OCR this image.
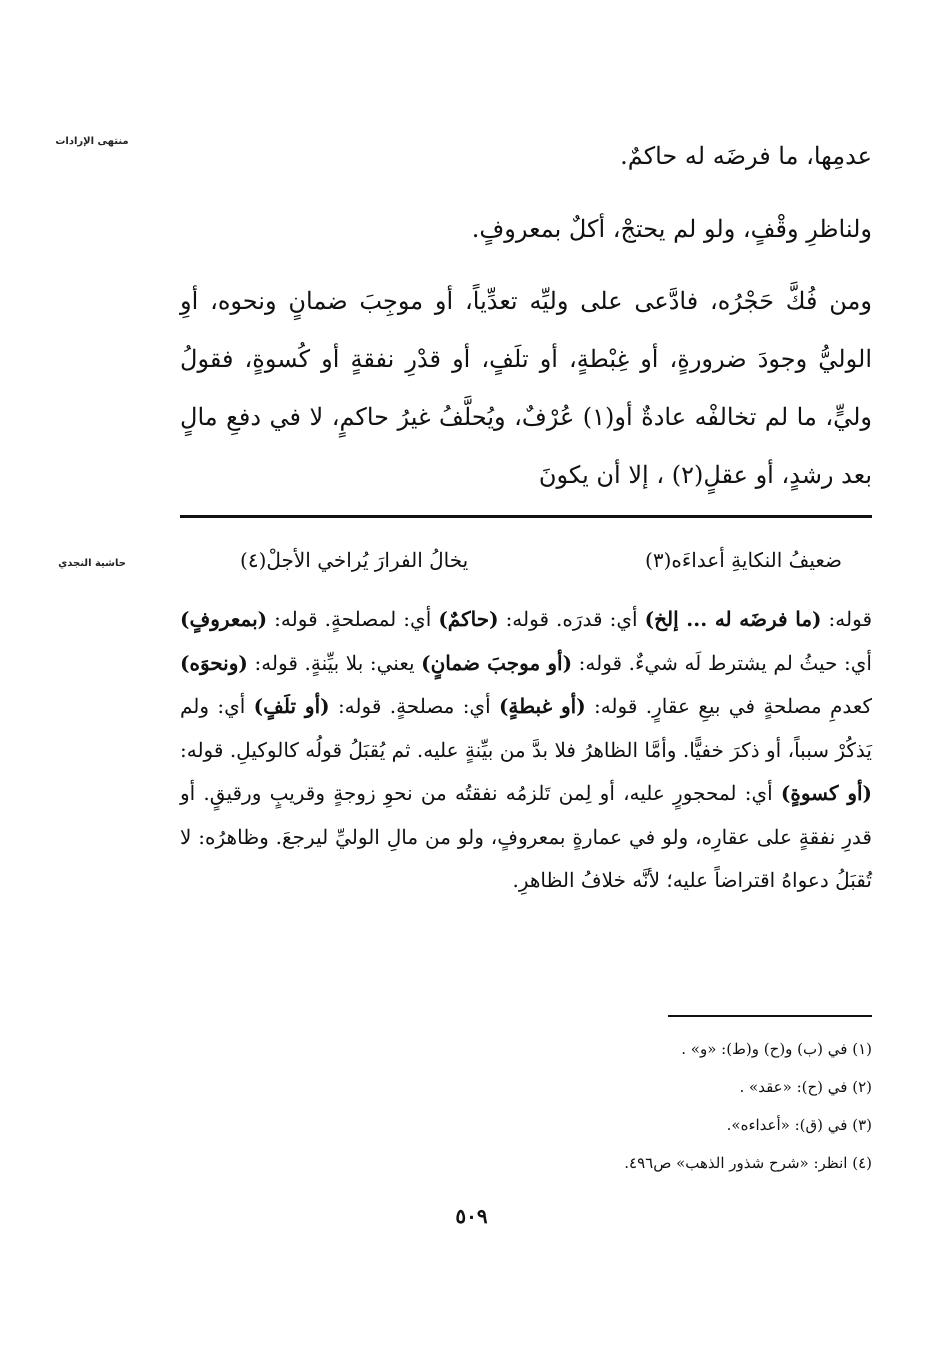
منتهى الإرادات
حاشية النجدي
عدمِها، ما فرضَه له حاكمٌ.
ولناظرِ وقْفٍ، ولو لم يحتجْ، أكلٌ بمعروفٍ.
ومن فُكَّ حَجْرُه، فادَّعى على وليِّه تعدِّياً، أو موجِبَ ضمانٍ ونحوه، أوِ الوليُّ وجودَ ضرورةٍ، أو غِبْطةٍ، أو تلَفٍ، أو قدْرِ نفقةٍ أو كُسوةٍ، فقولُ وليٍّ، ما لم تخالفْه عادةٌ أو(١) عُرْفٌ، ويُحلَّفُ غيرُ حاكمٍ، لا في دفعِ مالٍ بعد رشدٍ، أو عقلٍ(٢) ، إلا أن يكونَ
ضعيفُ النكايةِ أعداءَه(٣)
يخالُ الفرارَ يُراخي الأجلْ(٤)
قوله: (ما فرضَه له ... إلخ) أي: قدرَه. قوله: (حاكمٌ) أي: لمصلحةٍ. قوله: (بمعروفٍ) أي: حيثُ لم يشترط لَه شيءٌ. قوله: (أو موجبَ ضمانٍ) يعني: بلا بيِّنةٍ. قوله: (ونحوَه) كعدمِ مصلحةٍ في بيعِ عقارٍ. قوله: (أو غبطةٍ) أي: مصلحةٍ. قوله: (أو تلَفٍ) أي: ولم يَذكُرْ سبباً، أو ذكرَ خفيًّا. وأمَّا الظاهرُ فلا بدَّ من بيِّنةٍ عليه. ثم يُقبَلُ قولُه كالوكيلِ. قوله: (أو كسوةٍ) أي: لمحجورٍ عليه، أو لِمن تَلزمُه نفقتُه من نحوِ زوجةٍ وقريبٍ ورقيقٍ. أو قدرِ نفقةٍ على عقارِه، ولو في عمارةٍ بمعروفٍ، ولو من مالِ الوليِّ ليرجعَ. وظاهرُه: لا تُقبَلُ دعواهُ اقتراضاً عليه؛ لأنَّه خلافُ الظاهرِ.
(١) في (ب) و(ح) و(ط): «و» .
(٢) في (ح): «عقد» .
(٣) في (ق): «أعداءه».
(٤) انظر: «شرح شذور الذهب» ص٤٩٦.
٥٠٩
